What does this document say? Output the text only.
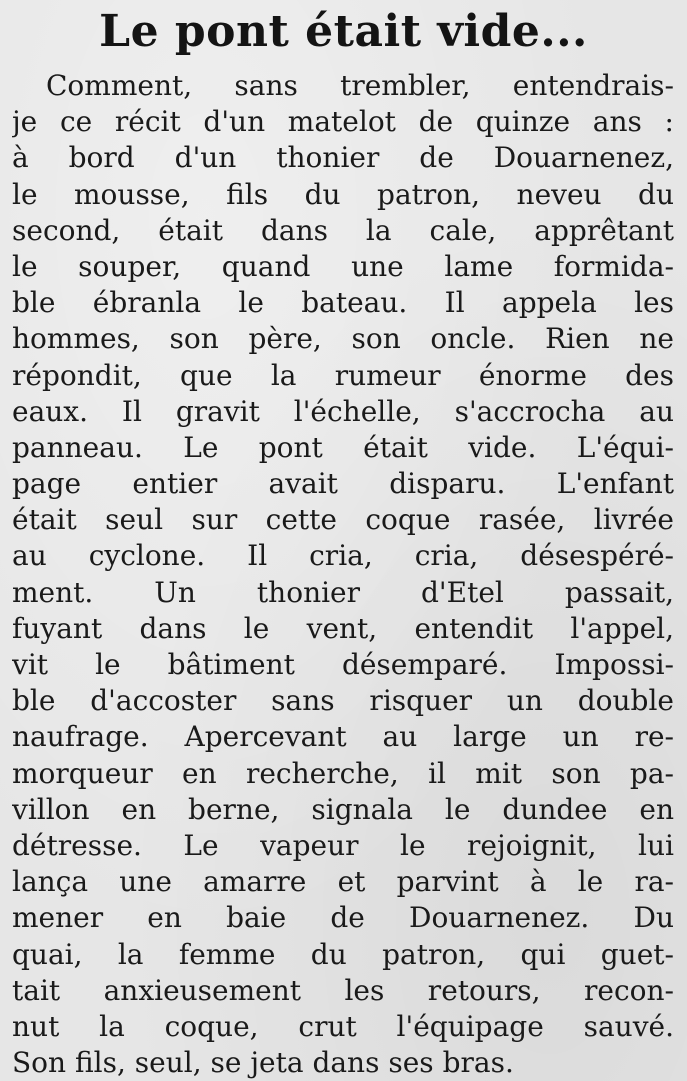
Le pont était vide...
Comment, sans trembler, entendrais-
je ce récit d'un matelot de quinze ans :
à bord d'un thonier de Douarnenez,
le mousse, fils du patron, neveu du
second, était dans la cale, apprêtant
le souper, quand une lame formida-
ble ébranla le bateau. Il appela les
hommes, son père, son oncle. Rien ne
répondit, que la rumeur énorme des
eaux. Il gravit l'échelle, s'accrocha au
panneau. Le pont était vide. L'équi-
page entier avait disparu. L'enfant
était seul sur cette coque rasée, livrée
au cyclone. Il cria, cria, désespéré-
ment. Un thonier d'Etel passait,
fuyant dans le vent, entendit l'appel,
vit le bâtiment désemparé. Impossi-
ble d'accoster sans risquer un double
naufrage. Apercevant au large un re-
morqueur en recherche, il mit son pa-
villon en berne, signala le dundee en
détresse. Le vapeur le rejoignit, lui
lança une amarre et parvint à le ra-
mener en baie de Douarnenez. Du
quai, la femme du patron, qui guet-
tait anxieusement les retours, recon-
nut la coque, crut l'équipage sauvé.
Son fils, seul, se jeta dans ses bras.
